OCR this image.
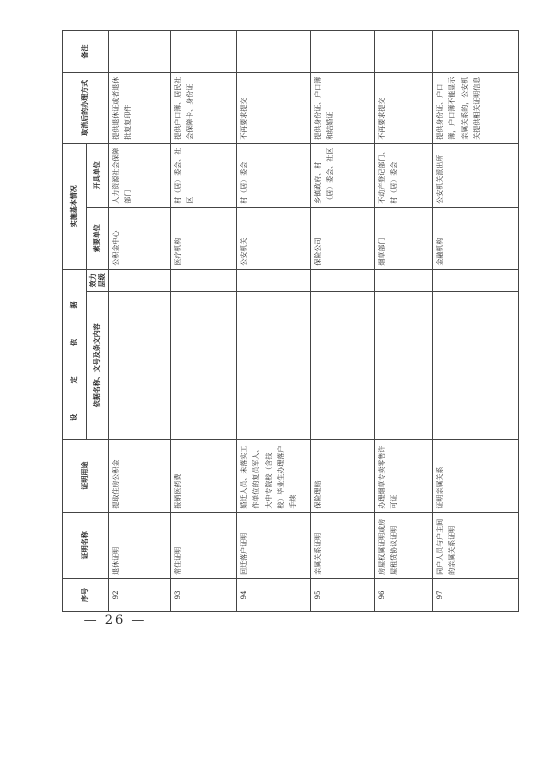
序号	证明名称	证明用途	设 定 依 据		实施基本情况		取消后的办理方式	备注
			依据名称、文号及条文内容	效力层级	索要单位	开具单位		
92	退休证明	提取住房公积金			公积金中心	人力资源社会保障部门	提供退休证或者退休批复复印件	
93	常住证明	报销医药费			医疗机构	村（居）委会、社区	提供户口簿、居民社会保障卡、身份证	
94	回迁落户证明	婚迁人员、未落实工作单位的复员军人、大中专院校（含技校）毕业生办理落户手续			公安机关	村（居）委会	不再要求提交	
95	亲属关系证明	保险理赔			保险公司	乡镇政府、村（居）委会、社区	提供身份证、户口簿和结婚证	
96	房屋权属证明或房屋租赁协议证明	办理烟草专卖零售许可证			烟草部门	不动产登记部门、村（居）委会	不再要求提交	
97	同户人员与户主间的亲属关系证明	证明亲属关系			金融机构	公安机关派出所	提供身份证、户口簿，户口簿不能显示亲属关系的，公安机关提供相关证明信息	
— 26 —
